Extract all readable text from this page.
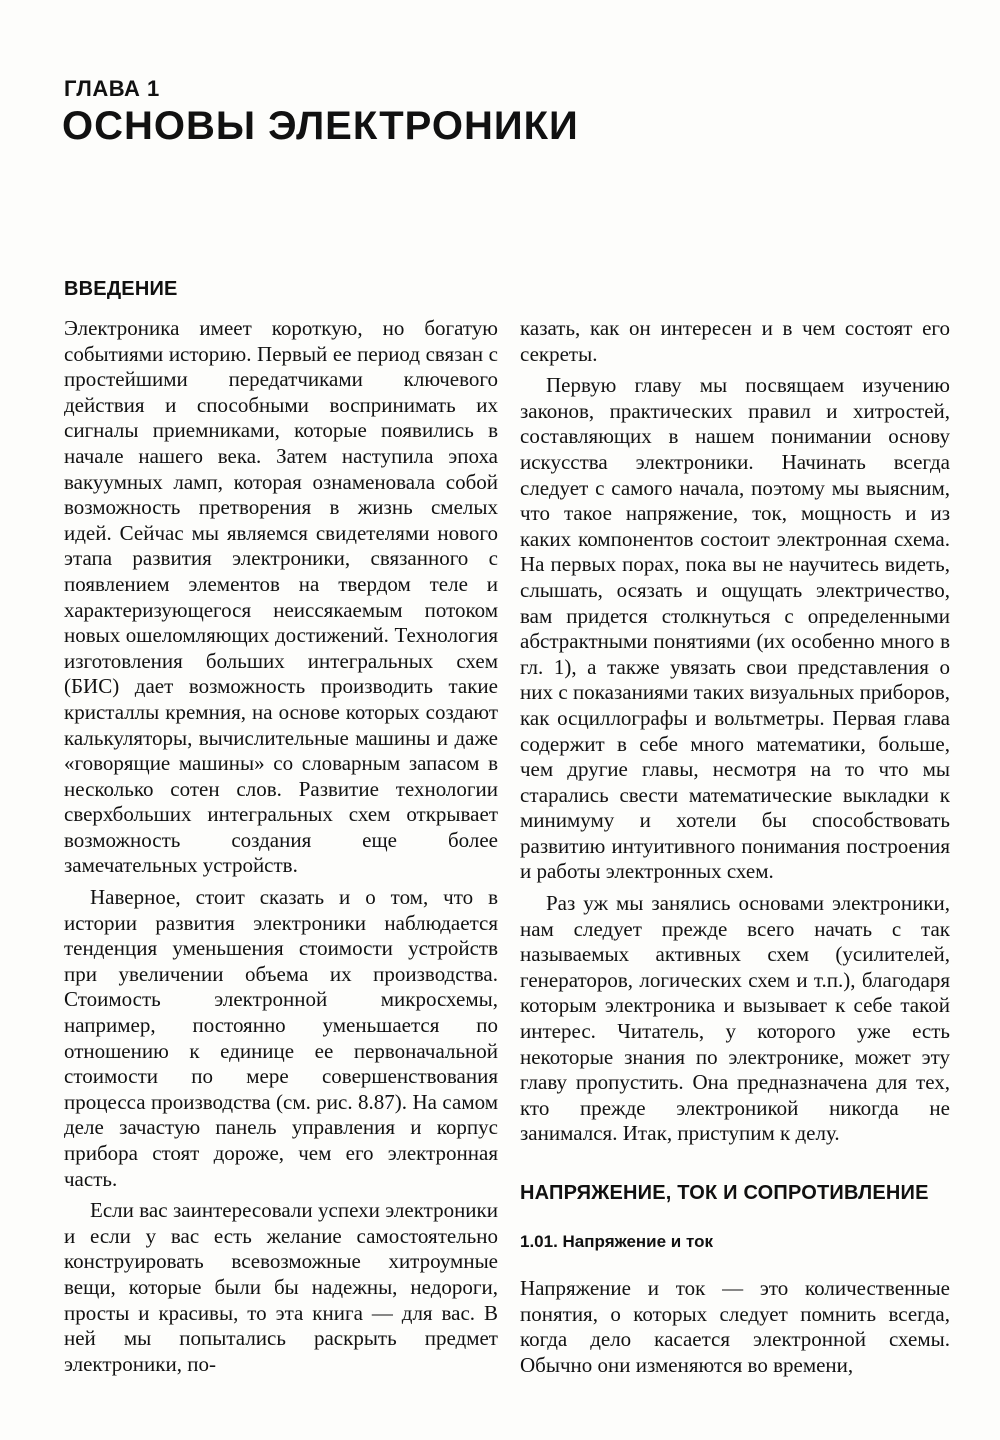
ГЛАВА 1
ОСНОВЫ ЭЛЕКТРОНИКИ
ВВЕДЕНИЕ

Электроника имеет короткую, но богатую событиями историю. Первый ее период связан с простейшими передатчиками ключевого действия и способными воспринимать их сигналы приемниками, которые появились в начале нашего века. Затем наступила эпоха вакуумных ламп, которая ознаменовала собой возможность претворения в жизнь смелых идей. Сейчас мы являемся свидетелями нового этапа развития электроники, связанного с появлением элементов на твердом теле и характеризующегося неиссякаемым потоком новых ошеломляющих достижений. Технология изготовления больших интегральных схем (БИС) дает возможность производить такие кристаллы кремния, на основе которых создают калькуляторы, вычислительные машины и даже «говорящие машины» со словарным запасом в несколько сотен слов. Развитие технологии сверхбольших интегральных схем открывает возможность создания еще более замечательных устройств.

Наверное, стоит сказать и о том, что в истории развития электроники наблюдается тенденция уменьшения стоимости устройств при увеличении объема их производства. Стоимость электронной микросхемы, например, постоянно уменьшается по отношению к единице ее первоначальной стоимости по мере совершенствования процесса производства (см. рис. 8.87). На самом деле зачастую панель управления и корпус прибора стоят дороже, чем его электронная часть.

Если вас заинтересовали успехи электроники и если у вас есть желание самостоятельно конструировать всевозможные хитроумные вещи, которые были бы надежны, недороги, просты и красивы, то эта книга — для вас. В ней мы попытались раскрыть предмет электроники, по-

казать, как он интересен и в чем состоят его секреты.

Первую главу мы посвящаем изучению законов, практических правил и хитростей, составляющих в нашем понимании основу искусства электроники. Начинать всегда следует с самого начала, поэтому мы выясним, что такое напряжение, ток, мощность и из каких компонентов состоит электронная схема. На первых порах, пока вы не научитесь видеть, слышать, осязать и ощущать электричество, вам придется столкнуться с определенными абстрактными понятиями (их особенно много в гл. 1), а также увязать свои представления о них с показаниями таких визуальных приборов, как осциллографы и вольтметры. Первая глава содержит в себе много математики, больше, чем другие главы, несмотря на то что мы старались свести математические выкладки к минимуму и хотели бы способствовать развитию интуитивного понимания построения и работы электронных схем.

Раз уж мы занялись основами электроники, нам следует прежде всего начать с так называемых активных схем (усилителей, генераторов, логических схем и т.п.), благодаря которым электроника и вызывает к себе такой интерес. Читатель, у которого уже есть некоторые знания по электронике, может эту главу пропустить. Она предназначена для тех, кто прежде электроникой никогда не занимался. Итак, приступим к делу.

НАПРЯЖЕНИЕ, ТОК И СОПРОТИВЛЕНИЕ
1.01. Напряжение и ток

Напряжение и ток — это количественные понятия, о которых следует помнить всегда, когда дело касается электронной схемы. Обычно они изменяются во времени,
